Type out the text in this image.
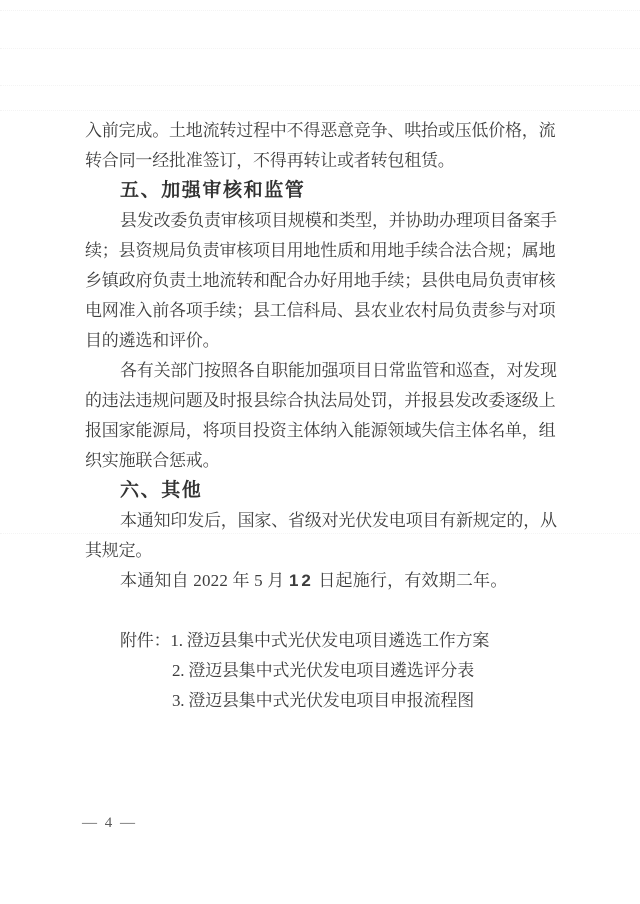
入前完成。土地流转过程中不得恶意竞争、哄抬或压低价格，流
转合同一经批准签订，不得再转让或者转包租赁。
五、加强审核和监管
县发改委负责审核项目规模和类型，并协助办理项目备案手
续；县资规局负责审核项目用地性质和用地手续合法合规；属地
乡镇政府负责土地流转和配合办好用地手续；县供电局负责审核
电网准入前各项手续；县工信科局、县农业农村局负责参与对项
目的遴选和评价。
各有关部门按照各自职能加强项目日常监管和巡查，对发现
的违法违规问题及时报县综合执法局处罚，并报县发改委逐级上
报国家能源局，将项目投资主体纳入能源领域失信主体名单，组
织实施联合惩戒。
六、其他
本通知印发后，国家、省级对光伏发电项目有新规定的，从
其规定。
本通知自 2022 年 5 月 12 日起施行，有效期二年。
附件：1. 澄迈县集中式光伏发电项目遴选工作方案
2. 澄迈县集中式光伏发电项目遴选评分表
3. 澄迈县集中式光伏发电项目申报流程图
— 4 —
